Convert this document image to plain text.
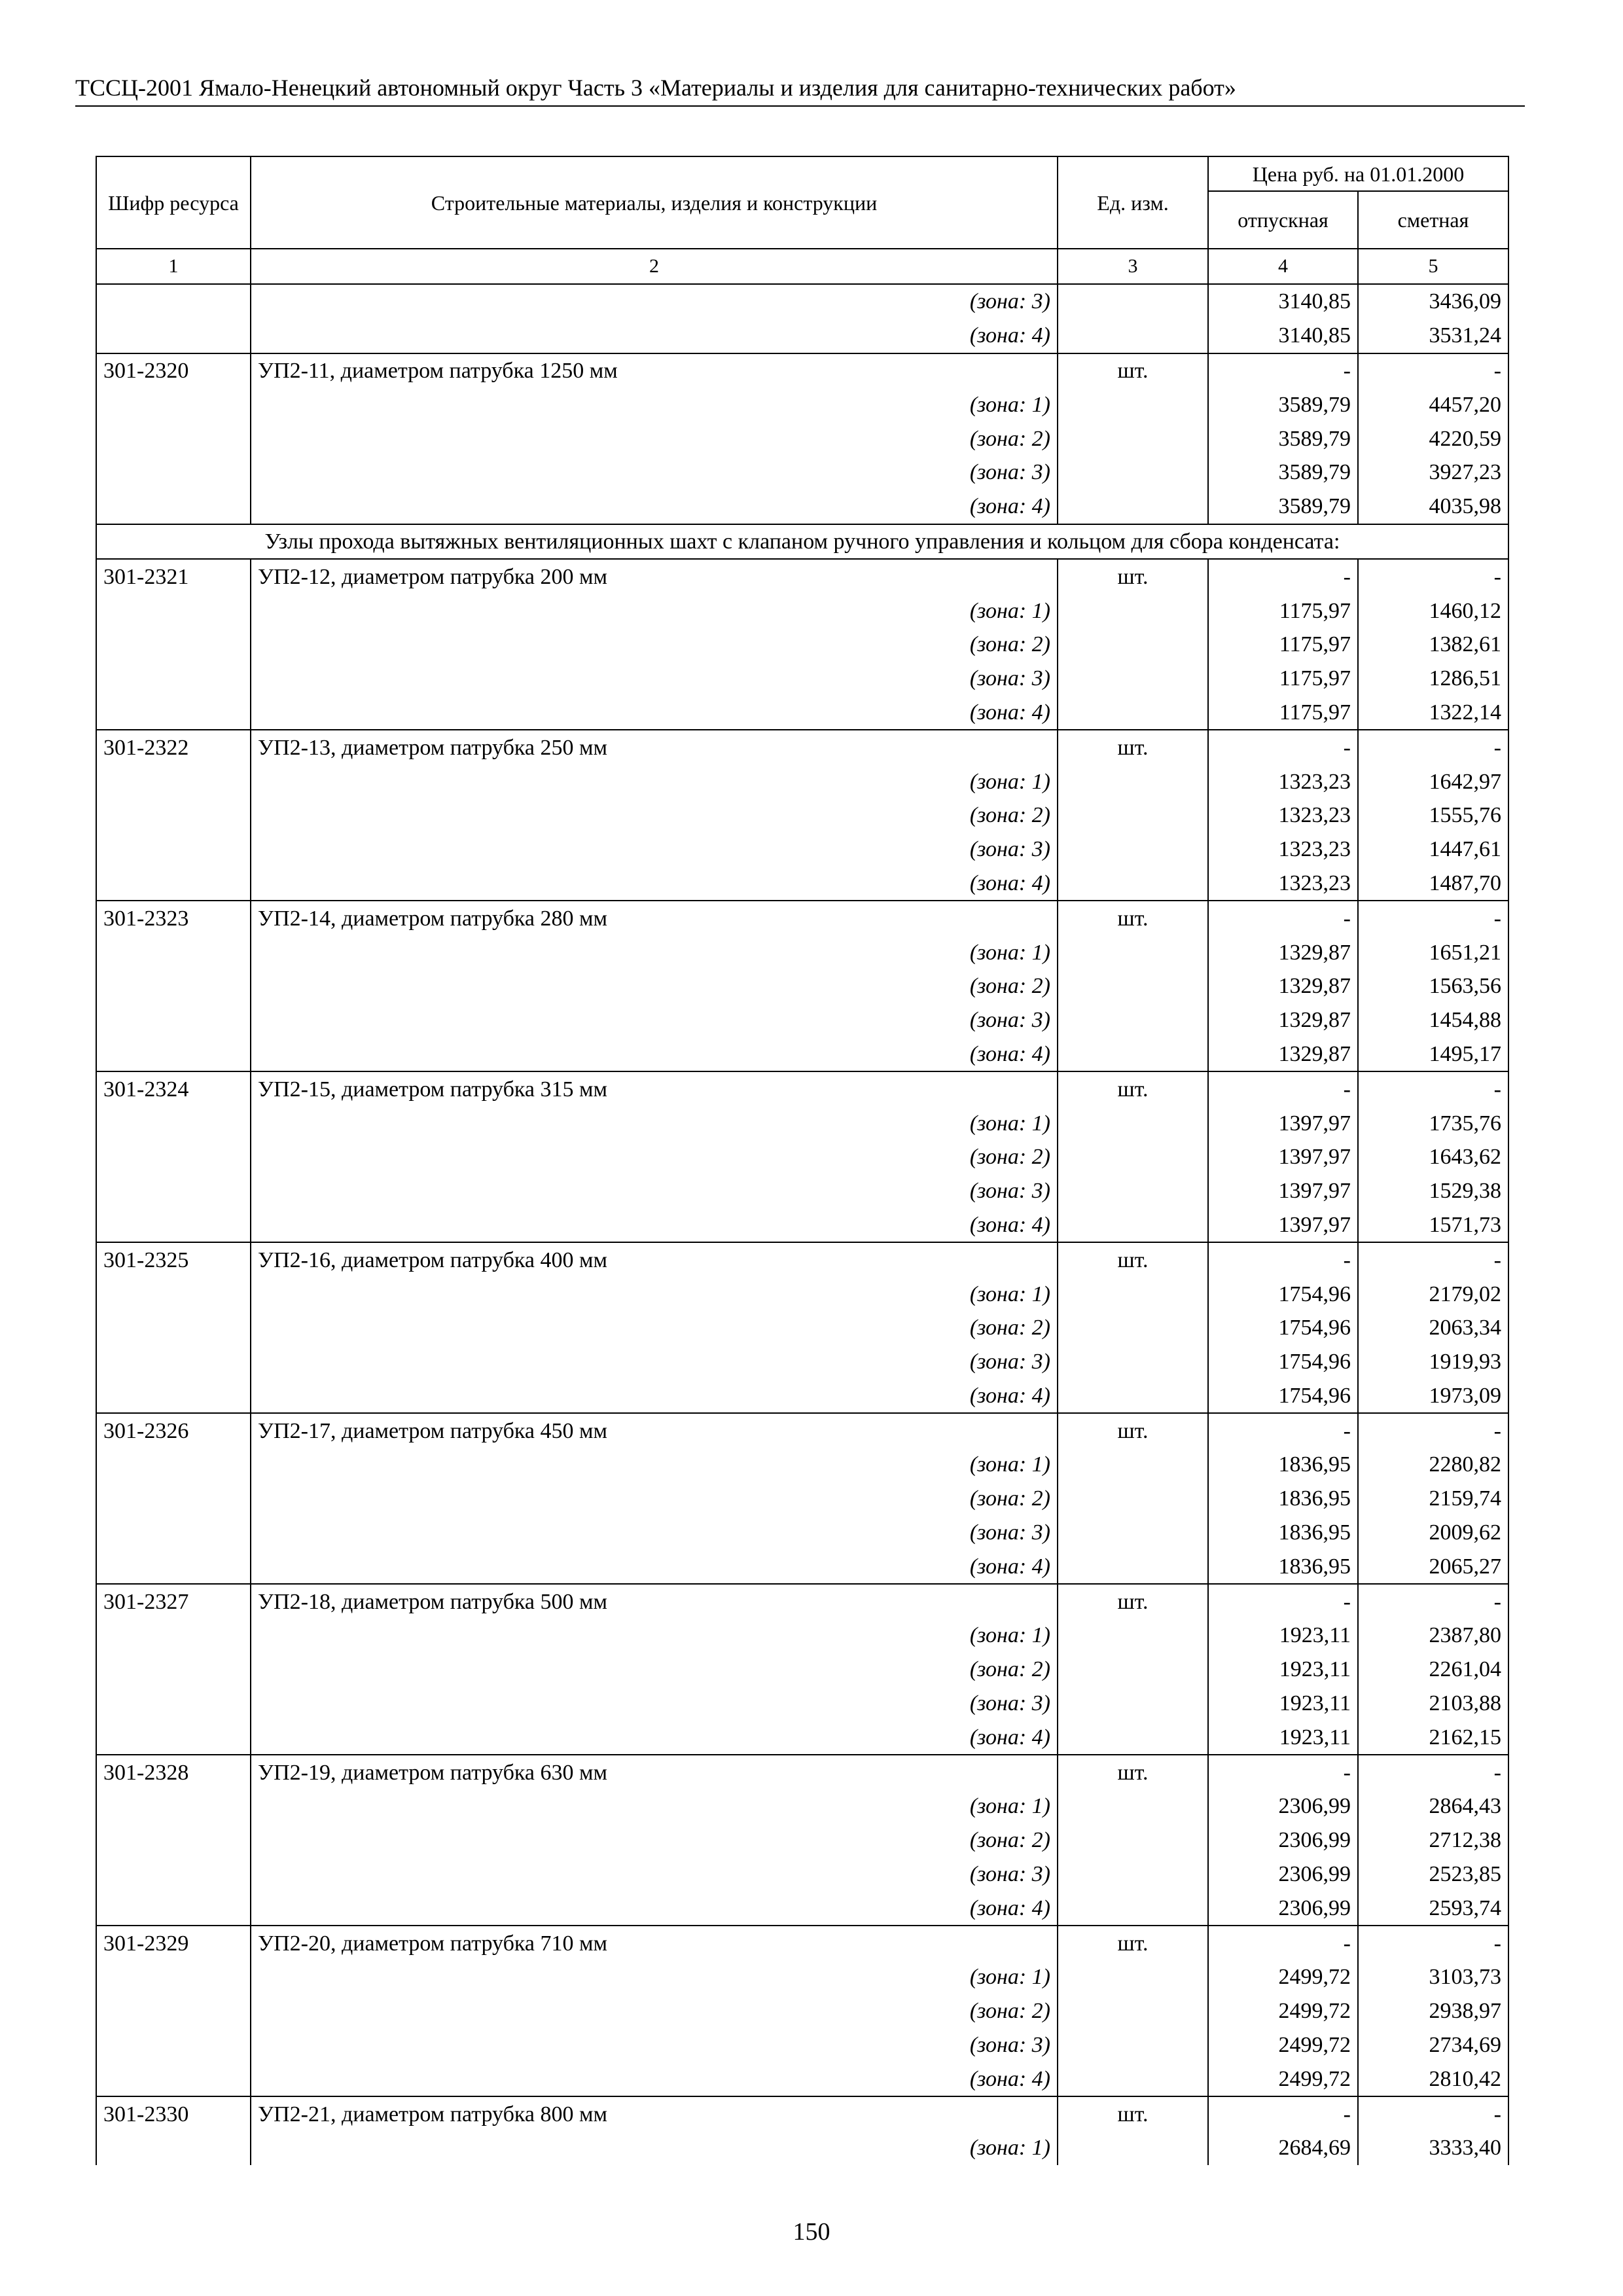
ТССЦ-2001 Ямало-Ненецкий автономный округ Часть 3 «Материалы и изделия для санитарно-технических работ»
Шифр ресурса	Строительные материалы, изделия и конструкции	Ед. изм.	Цена руб. на 01.01.2000	
			отпускная	сметная
1	2	3	4	5
	(зона: 3)		3140,85	3436,09
	(зона: 4)		3140,85	3531,24
301-2320	УП2-11, диаметром патрубка 1250 мм	шт.	-	-
	(зона: 1)		3589,79	4457,20
	(зона: 2)		3589,79	4220,59
	(зона: 3)		3589,79	3927,23
	(зона: 4)		3589,79	4035,98
Узлы прохода вытяжных вентиляционных шахт с клапаном ручного управления и кольцом для сбора конденсата:				
301-2321	УП2-12, диаметром патрубка 200 мм	шт.	-	-
	(зона: 1)		1175,97	1460,12
	(зона: 2)		1175,97	1382,61
	(зона: 3)		1175,97	1286,51
	(зона: 4)		1175,97	1322,14
301-2322	УП2-13, диаметром патрубка 250 мм	шт.	-	-
	(зона: 1)		1323,23	1642,97
	(зона: 2)		1323,23	1555,76
	(зона: 3)		1323,23	1447,61
	(зона: 4)		1323,23	1487,70
301-2323	УП2-14, диаметром патрубка 280 мм	шт.	-	-
	(зона: 1)		1329,87	1651,21
	(зона: 2)		1329,87	1563,56
	(зона: 3)		1329,87	1454,88
	(зона: 4)		1329,87	1495,17
301-2324	УП2-15, диаметром патрубка 315 мм	шт.	-	-
	(зона: 1)		1397,97	1735,76
	(зона: 2)		1397,97	1643,62
	(зона: 3)		1397,97	1529,38
	(зона: 4)		1397,97	1571,73
301-2325	УП2-16, диаметром патрубка 400 мм	шт.	-	-
	(зона: 1)		1754,96	2179,02
	(зона: 2)		1754,96	2063,34
	(зона: 3)		1754,96	1919,93
	(зона: 4)		1754,96	1973,09
301-2326	УП2-17, диаметром патрубка 450 мм	шт.	-	-
	(зона: 1)		1836,95	2280,82
	(зона: 2)		1836,95	2159,74
	(зона: 3)		1836,95	2009,62
	(зона: 4)		1836,95	2065,27
301-2327	УП2-18, диаметром патрубка 500 мм	шт.	-	-
	(зона: 1)		1923,11	2387,80
	(зона: 2)		1923,11	2261,04
	(зона: 3)		1923,11	2103,88
	(зона: 4)		1923,11	2162,15
301-2328	УП2-19, диаметром патрубка 630 мм	шт.	-	-
	(зона: 1)		2306,99	2864,43
	(зона: 2)		2306,99	2712,38
	(зона: 3)		2306,99	2523,85
	(зона: 4)		2306,99	2593,74
301-2329	УП2-20, диаметром патрубка 710 мм	шт.	-	-
	(зона: 1)		2499,72	3103,73
	(зона: 2)		2499,72	2938,97
	(зона: 3)		2499,72	2734,69
	(зона: 4)		2499,72	2810,42
301-2330	УП2-21, диаметром патрубка 800 мм	шт.	-	-
	(зона: 1)		2684,69	3333,40
150
